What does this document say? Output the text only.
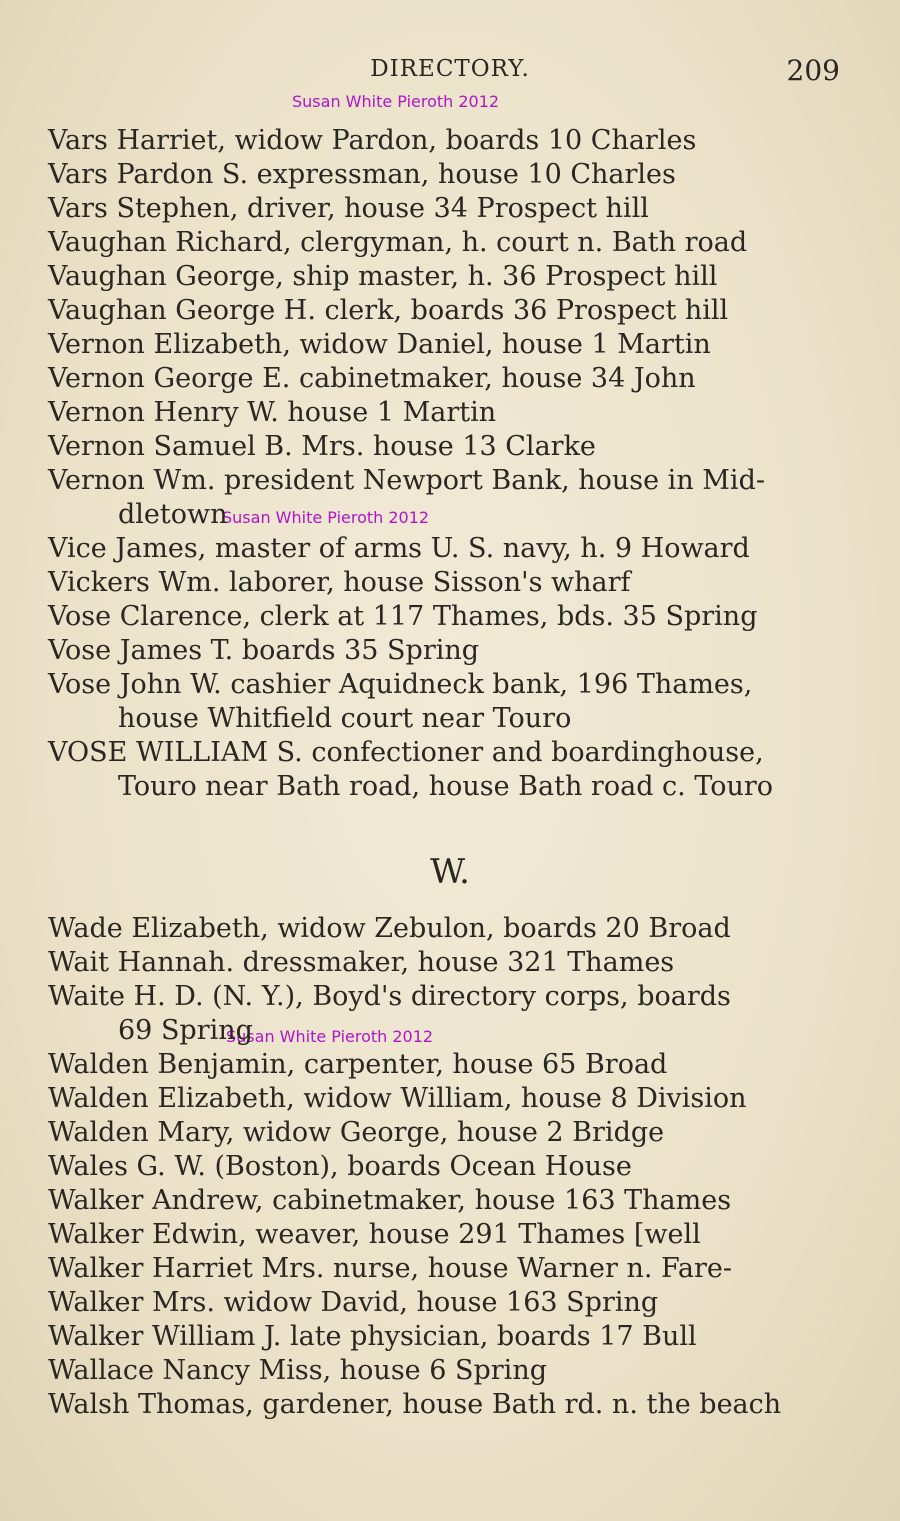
DIRECTORY.	209
Susan White Pieroth 2012
Susan White Pieroth 2012
Susan White Pieroth 2012
Vars Harriet, widow Pardon, boards 10 Charles
Vars Pardon S. expressman, house 10 Charles
Vars Stephen, driver, house 34 Prospect hill
Vaughan Richard, clergyman, h. court n. Bath road
Vaughan George, ship master, h. 36 Prospect hill
Vaughan George H. clerk, boards 36 Prospect hill
Vernon Elizabeth, widow Daniel, house 1 Martin
Vernon George E. cabinetmaker, house 34 John
Vernon Henry W. house 1 Martin
Vernon Samuel B. Mrs. house 13 Clarke
Vernon Wm. president Newport Bank, house in Mid-
dletown
Vice James, master of arms U. S. navy, h. 9 Howard
Vickers Wm. laborer, house Sisson's wharf
Vose Clarence, clerk at 117 Thames, bds. 35 Spring
Vose James T. boards 35 Spring
Vose John W. cashier Aquidneck bank, 196 Thames,
house Whitfield court near Touro
VOSE WILLIAM S. confectioner and boardinghouse,
Touro near Bath road, house Bath road c. Touro
W.
Wade Elizabeth, widow Zebulon, boards 20 Broad
Wait Hannah. dressmaker, house 321 Thames
Waite H. D. (N. Y.), Boyd's directory corps, boards
69 Spring
Walden Benjamin, carpenter, house 65 Broad
Walden Elizabeth, widow William, house 8 Division
Walden Mary, widow George, house 2 Bridge
Wales G. W. (Boston), boards Ocean House
Walker Andrew, cabinetmaker, house 163 Thames
Walker Edwin, weaver, house 291 Thames [well
Walker Harriet Mrs. nurse, house Warner n. Fare-
Walker Mrs. widow David, house 163 Spring
Walker William J. late physician, boards 17 Bull
Wallace Nancy Miss, house 6 Spring
Walsh Thomas, gardener, house Bath rd. n. the beach
